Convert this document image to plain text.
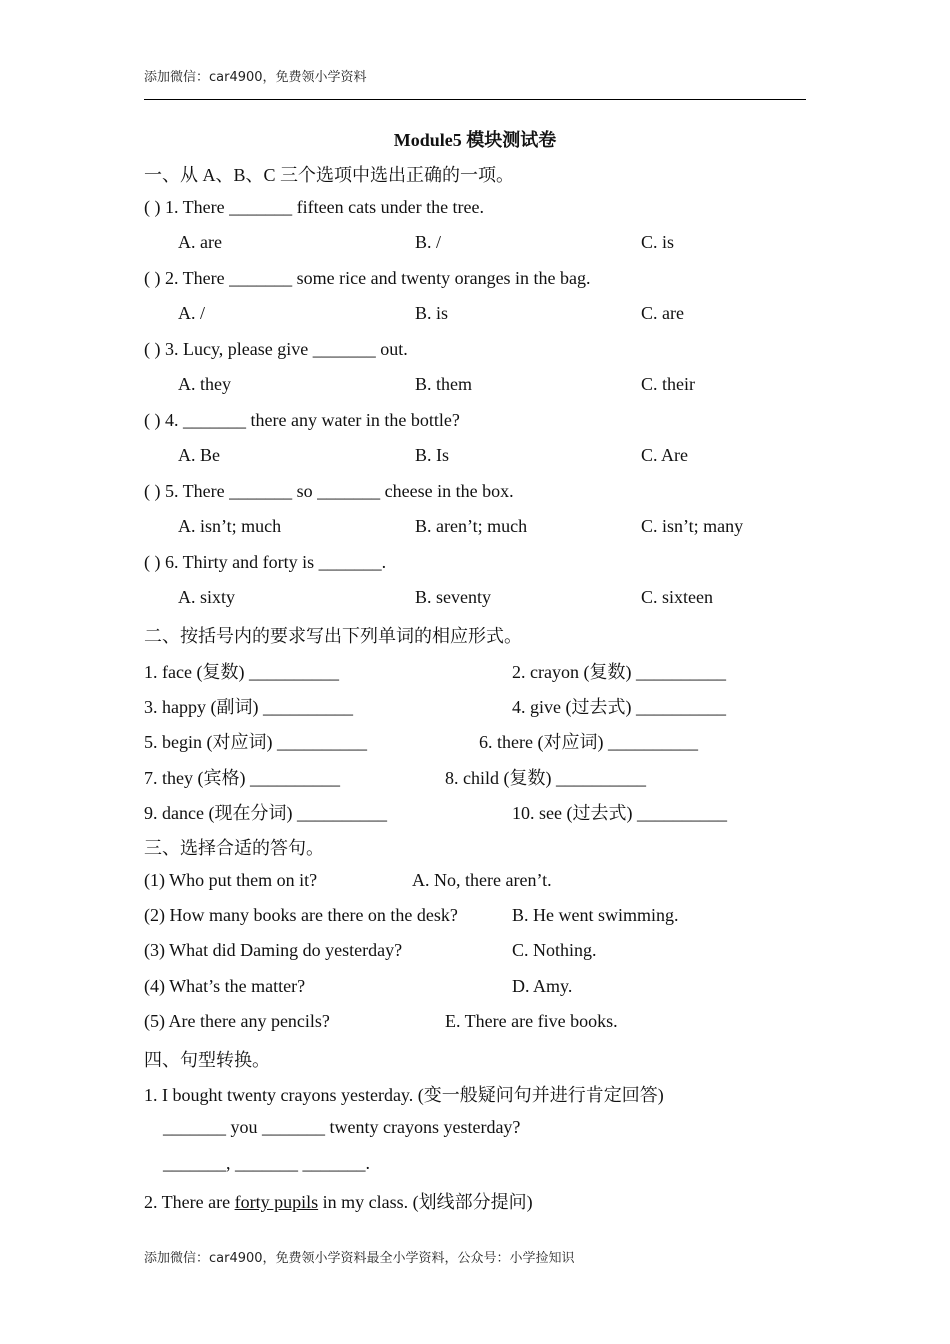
添加微信：car4900，免费领小学资料
Module5 模块测试卷
一、从 A、B、C 三个选项中选出正确的一项。
( ) 1. There _______ fifteen cats under the tree.
A. are	B. /	C. is
( ) 2. There _______ some rice and twenty oranges in the bag.
A. /	B. is	C. are
( ) 3. Lucy, please give _______ out.
A. they	B. them	C. their
( ) 4. _______ there any water in the bottle?
A. Be	B. Is	C. Are
( ) 5. There _______ so _______ cheese in the box.
A. isn’t; much	B. aren’t; much	C. isn’t; many
( ) 6. Thirty and forty is _______.
A. sixty	B. seventy	C. sixteen
二、按括号内的要求写出下列单词的相应形式。
1. face (复数) __________	2. crayon (复数) __________
3. happy (副词) __________	4. give (过去式) __________
5. begin (对应词) __________	6. there (对应词) __________
7. they (宾格) __________	8. child (复数) __________
9. dance (现在分词) __________	10. see (过去式) __________
三、选择合适的答句。
(1) Who put them on it?	A. No, there aren’t.
(2) How many books are there on the desk?	B. He went swimming.
(3) What did Daming do yesterday?	C. Nothing.
(4) What’s the matter?	D. Amy.
(5) Are there any pencils?	E. There are five books.
四、句型转换。
1. I bought twenty crayons yesterday. (变一般疑问句并进行肯定回答)
_______ you _______ twenty crayons yesterday?
_______, _______ _______.
2. There are forty pupils in my class. (划线部分提问)
添加微信：car4900，免费领小学资料最全小学资料，公众号：小学捡知识
